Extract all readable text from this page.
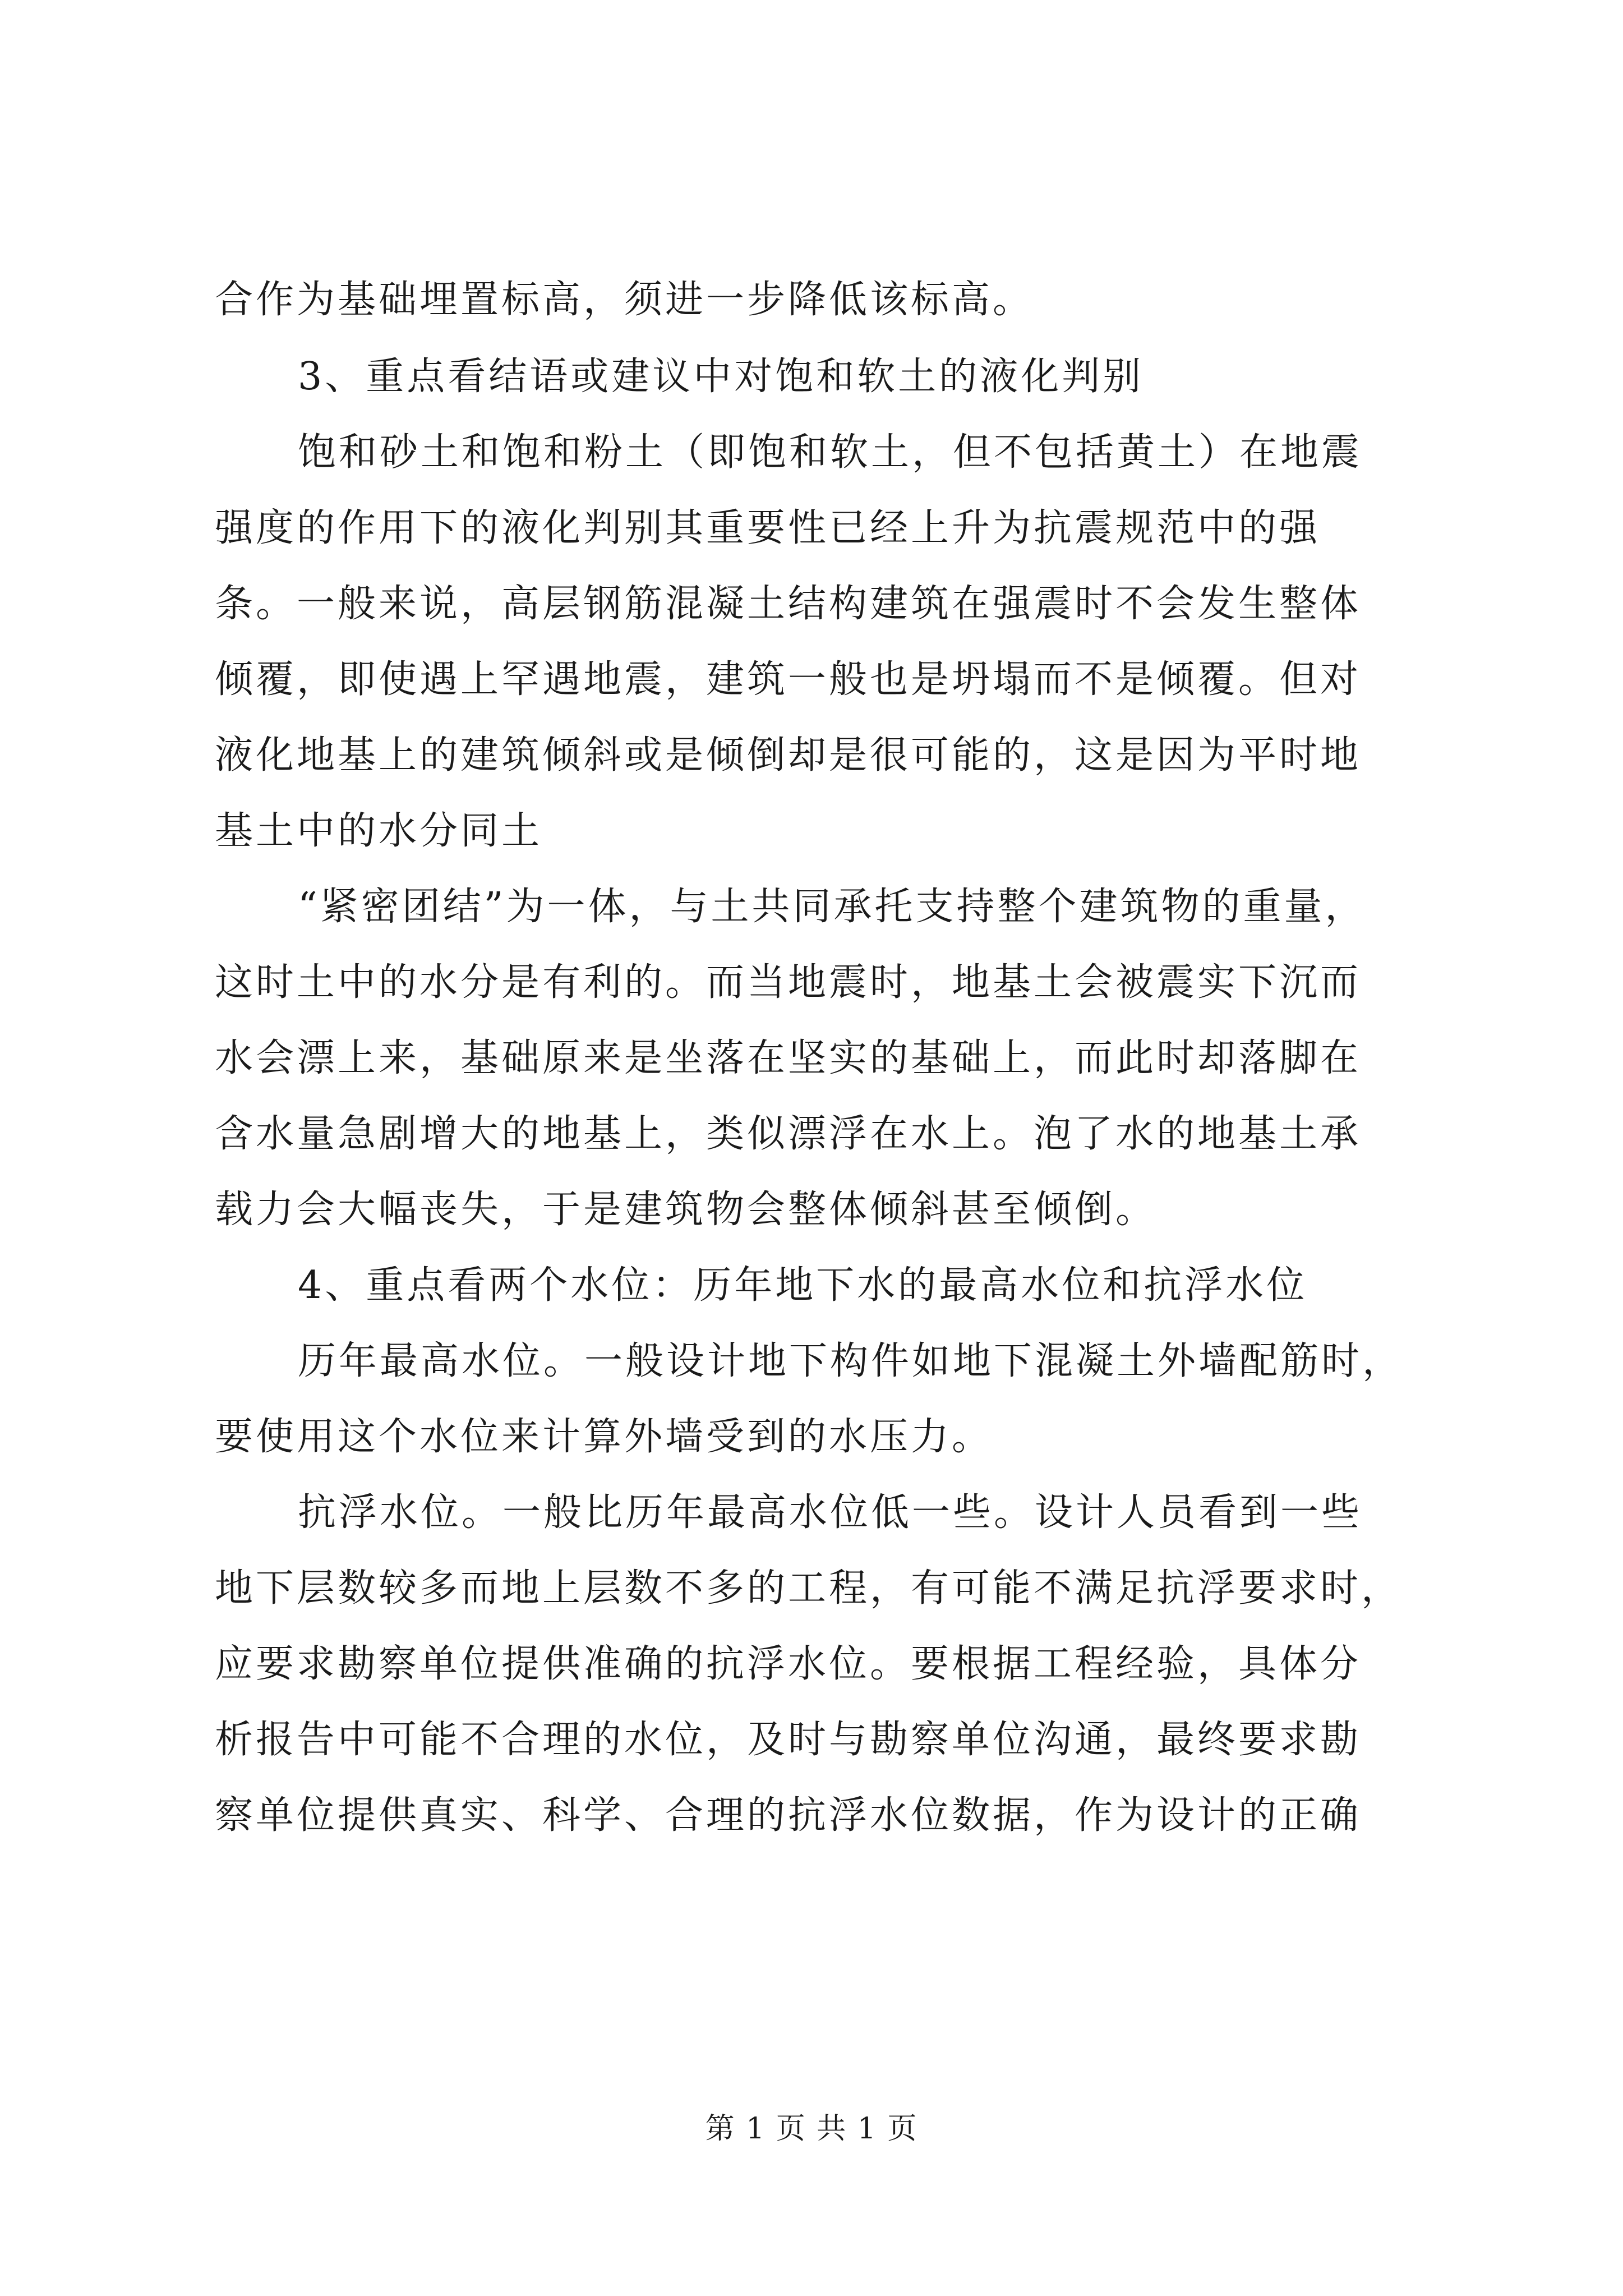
合作为基础埋置标高，须进一步降低该标高。
3、重点看结语或建议中对饱和软土的液化判别
饱和砂土和饱和粉土（即饱和软土，但不包括黄土）在地震
强度的作用下的液化判别其重要性已经上升为抗震规范中的强
条。一般来说，高层钢筋混凝土结构建筑在强震时不会发生整体
倾覆，即使遇上罕遇地震，建筑一般也是坍塌而不是倾覆。但对
液化地基上的建筑倾斜或是倾倒却是很可能的，这是因为平时地
基土中的水分同土
“紧密团结”为一体，与土共同承托支持整个建筑物的重量，
这时土中的水分是有利的。而当地震时，地基土会被震实下沉而
水会漂上来，基础原来是坐落在坚实的基础上，而此时却落脚在
含水量急剧增大的地基上，类似漂浮在水上。泡了水的地基土承
载力会大幅丧失，于是建筑物会整体倾斜甚至倾倒。
4、重点看两个水位：历年地下水的最高水位和抗浮水位
历年最高水位。一般设计地下构件如地下混凝土外墙配筋时，
要使用这个水位来计算外墙受到的水压力。
抗浮水位。一般比历年最高水位低一些。设计人员看到一些
地下层数较多而地上层数不多的工程，有可能不满足抗浮要求时，
应要求勘察单位提供准确的抗浮水位。要根据工程经验，具体分
析报告中可能不合理的水位，及时与勘察单位沟通，最终要求勘
察单位提供真实、科学、合理的抗浮水位数据，作为设计的正确
第 1 页 共 1 页
